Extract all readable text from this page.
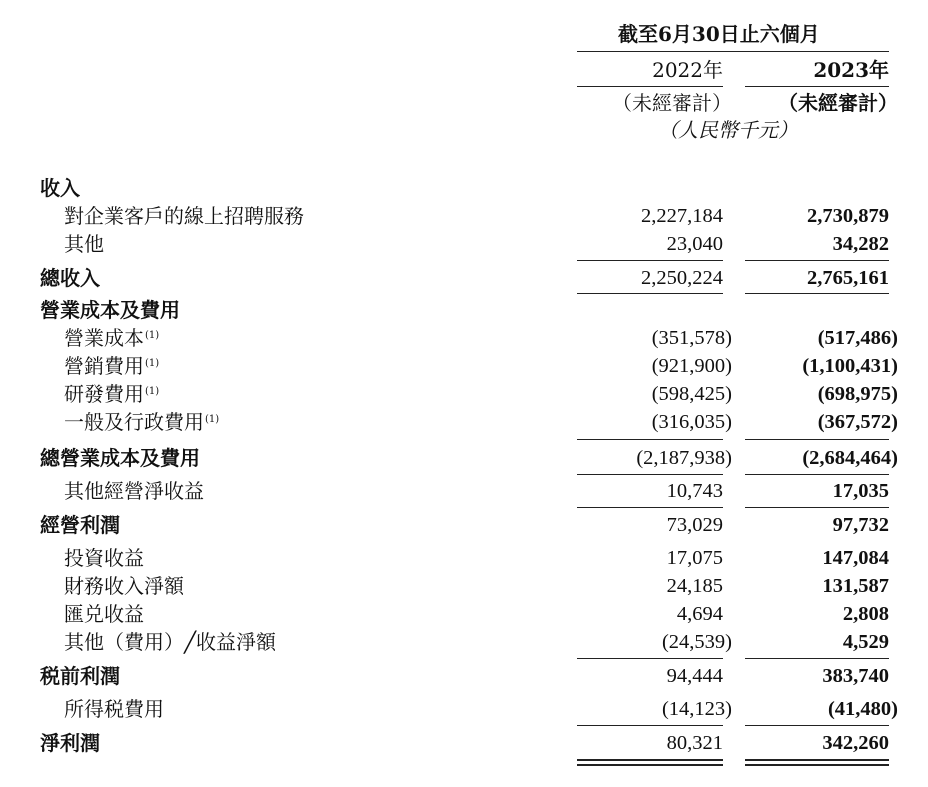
截至6月30日止六個月
2022年	2023年
（未經審計） （未經審計）
（人民幣千元）
收入
對企業客戶的線上招聘服務	2,227,184	2,730,879
其他	23,040	34,282
總收入	2,250,224	2,765,161
營業成本及費用
營業成本$^{(1)}$	(351,578)	(517,486)
營銷費用$^{(1)}$	(921,900)	(1,100,431)
研發費用$^{(1)}$	(598,425)	(698,975)
一般及行政費用$^{(1)}$	(316,035)	(367,572)
總營業成本及費用	(2,187,938)	(2,684,464)
其他經營淨收益	10,743	17,035
經營利潤	73,029	97,732
投資收益	17,075	147,084
財務收入淨額	24,185	131,587
匯兑收益	4,694	2,808
其他（費用）╱收益淨額	(24,539)	4,529
税前利潤	94,444	383,740
所得税費用	(14,123)	(41,480)
淨利潤	80,321	342,260
